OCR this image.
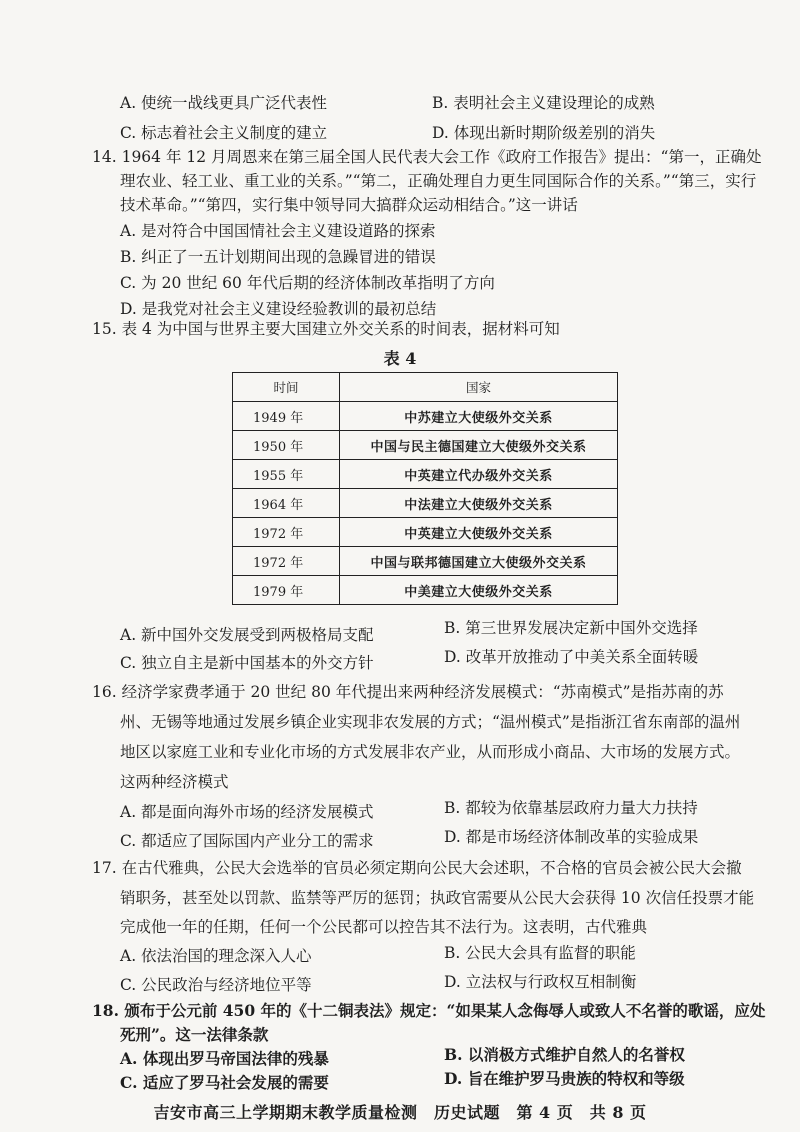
A. 使统一战线更具广泛代表性	B. 表明社会主义建设理论的成熟
C. 标志着社会主义制度的建立	D. 体现出新时期阶级差别的消失
14. 1964 年 12 月周恩来在第三届全国人民代表大会工作《政府工作报告》提出：“第一，正确处
理农业、轻工业、重工业的关系。”“第二，正确处理自力更生同国际合作的关系。”“第三，实行
技术革命。”“第四，实行集中领导同大搞群众运动相结合。”这一讲话
A. 是对符合中国国情社会主义建设道路的探索
B. 纠正了一五计划期间出现的急躁冒进的错误
C. 为 20 世纪 60 年代后期的经济体制改革指明了方向
D. 是我党对社会主义建设经验教训的最初总结
15. 表 4 为中国与世界主要大国建立外交关系的时间表，据材料可知
表 4
时间	国家
1949 年	中苏建立大使级外交关系
1950 年	中国与民主德国建立大使级外交关系
1955 年	中英建立代办级外交关系
1964 年	中法建立大使级外交关系
1972 年	中英建立大使级外交关系
1972 年	中国与联邦德国建立大使级外交关系
1979 年	中美建立大使级外交关系
A. 新中国外交发展受到两极格局支配	B. 第三世界发展决定新中国外交选择
C. 独立自主是新中国基本的外交方针	D. 改革开放推动了中美关系全面转暖
16. 经济学家费孝通于 20 世纪 80 年代提出来两种经济发展模式：“苏南模式”是指苏南的苏
州、无锡等地通过发展乡镇企业实现非农发展的方式；“温州模式”是指浙江省东南部的温州
地区以家庭工业和专业化市场的方式发展非农产业，从而形成小商品、大市场的发展方式。
这两种经济模式
A. 都是面向海外市场的经济发展模式	B. 都较为依靠基层政府力量大力扶持
C. 都适应了国际国内产业分工的需求	D. 都是市场经济体制改革的实验成果
17. 在古代雅典，公民大会选举的官员必须定期向公民大会述职，不合格的官员会被公民大会撤
销职务，甚至处以罚款、监禁等严厉的惩罚；执政官需要从公民大会获得 10 次信任投票才能
完成他一年的任期，任何一个公民都可以控告其不法行为。这表明，古代雅典
A. 依法治国的理念深入人心	B. 公民大会具有监督的职能
C. 公民政治与经济地位平等	D. 立法权与行政权互相制衡
18. 颁布于公元前 450 年的《十二铜表法》规定：“如果某人念侮辱人或致人不名誉的歌谣，应处
死刑”。这一法律条款
A. 体现出罗马帝国法律的残暴	B. 以消极方式维护自然人的名誉权
C. 适应了罗马社会发展的需要	D. 旨在维护罗马贵族的特权和等级
吉安市高三上学期期末教学质量检测　历史试题　第 4 页　共 8 页
